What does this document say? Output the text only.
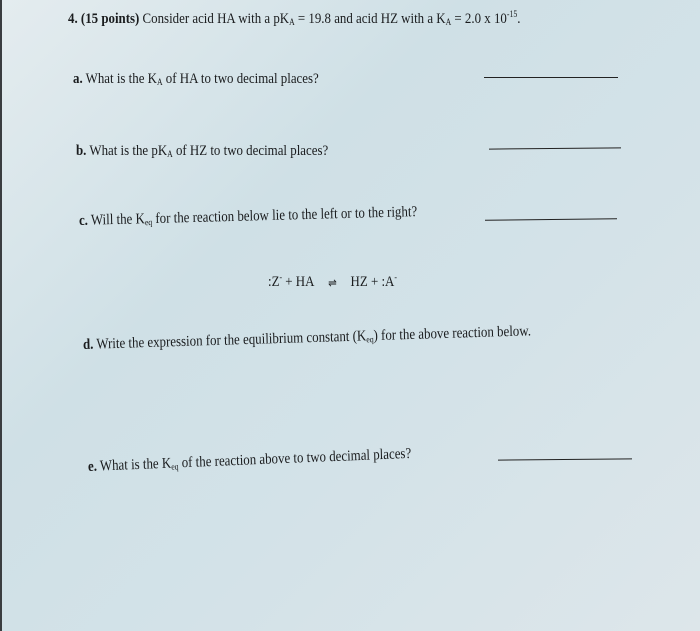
4. (15 points) Consider acid HA with a $pK_A = 19.8$ and acid HZ with a $K_A = 2.0$ x $10^{-15}$.
a. What is the $K_A$ of HA to two decimal places?
b. What is the $pK_A$ of HZ to two decimal places?
c. Will the $K_{eq}$ for the reaction below lie to the left or to the right?
:Z- + HA ⇌ HZ + :A-
d. Write the expression for the equilibrium constant $(K_{eq})$ for the above reaction below.
e. What is the $K_{eq}$ of the reaction above to two decimal places?
